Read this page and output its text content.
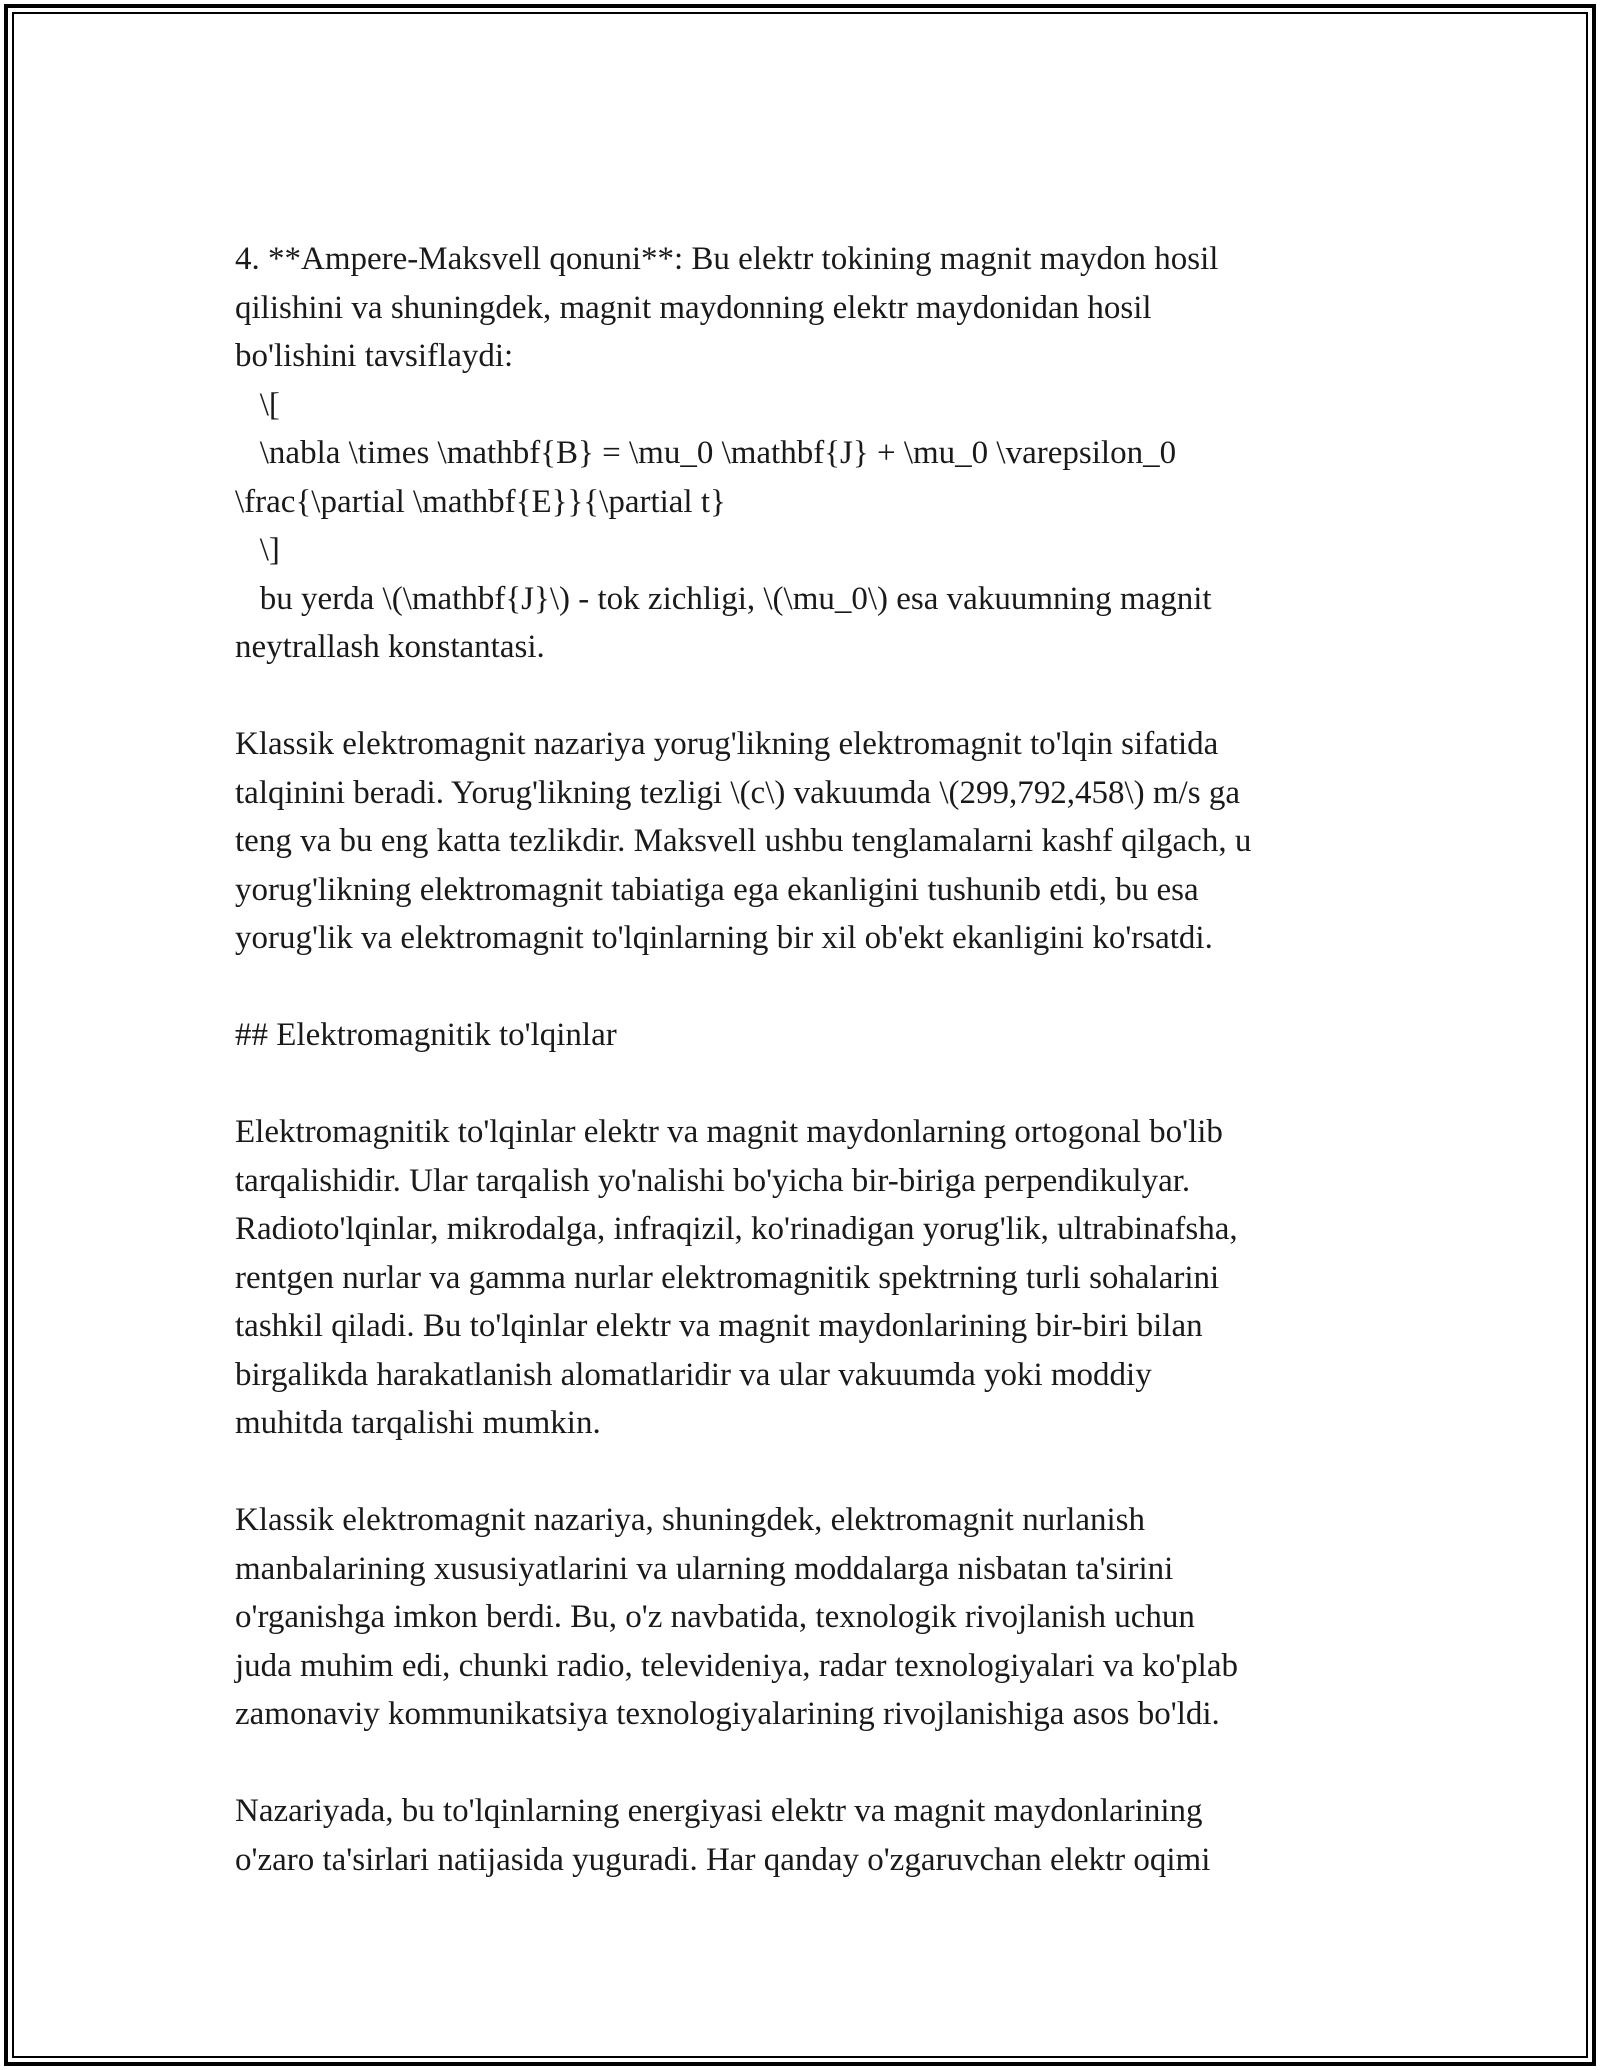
4. **Ampere-Maksvell qonuni**: Bu elektr tokining magnit maydon hosil

qilishini va shuningdek, magnit maydonning elektr maydonidan hosil

bo'lishini tavsiflaydi:

\[

\nabla \times \mathbf{B} = \mu_0 \mathbf{J} + \mu_0 \varepsilon_0

\frac{\partial \mathbf{E}}{\partial t}

\]

bu yerda \(\mathbf{J}\) - tok zichligi, \(\mu_0\) esa vakuumning magnit

neytrallash konstantasi.

Klassik elektromagnit nazariya yorug'likning elektromagnit to'lqin sifatida

talqinini beradi. Yorug'likning tezligi \(c\) vakuumda \(299,792,458\) m/s ga

teng va bu eng katta tezlikdir. Maksvell ushbu tenglamalarni kashf qilgach, u

yorug'likning elektromagnit tabiatiga ega ekanligini tushunib etdi, bu esa

yorug'lik va elektromagnit to'lqinlarning bir xil ob'ekt ekanligini ko'rsatdi.

## Elektromagnitik to'lqinlar

Elektromagnitik to'lqinlar elektr va magnit maydonlarning ortogonal bo'lib

tarqalishidir. Ular tarqalish yo'nalishi bo'yicha bir-biriga perpendikulyar.

Radioto'lqinlar, mikrodalga, infraqizil, ko'rinadigan yorug'lik, ultrabinafsha,

rentgen nurlar va gamma nurlar elektromagnitik spektrning turli sohalarini

tashkil qiladi. Bu to'lqinlar elektr va magnit maydonlarining bir-biri bilan

birgalikda harakatlanish alomatlaridir va ular vakuumda yoki moddiy

muhitda tarqalishi mumkin.

Klassik elektromagnit nazariya, shuningdek, elektromagnit nurlanish

manbalarining xususiyatlarini va ularning moddalarga nisbatan ta'sirini

o'rganishga imkon berdi. Bu, o'z navbatida, texnologik rivojlanish uchun

juda muhim edi, chunki radio, televideniya, radar texnologiyalari va ko'plab

zamonaviy kommunikatsiya texnologiyalarining rivojlanishiga asos bo'ldi.

Nazariyada, bu to'lqinlarning energiyasi elektr va magnit maydonlarining

o'zaro ta'sirlari natijasida yuguradi. Har qanday o'zgaruvchan elektr oqimi
